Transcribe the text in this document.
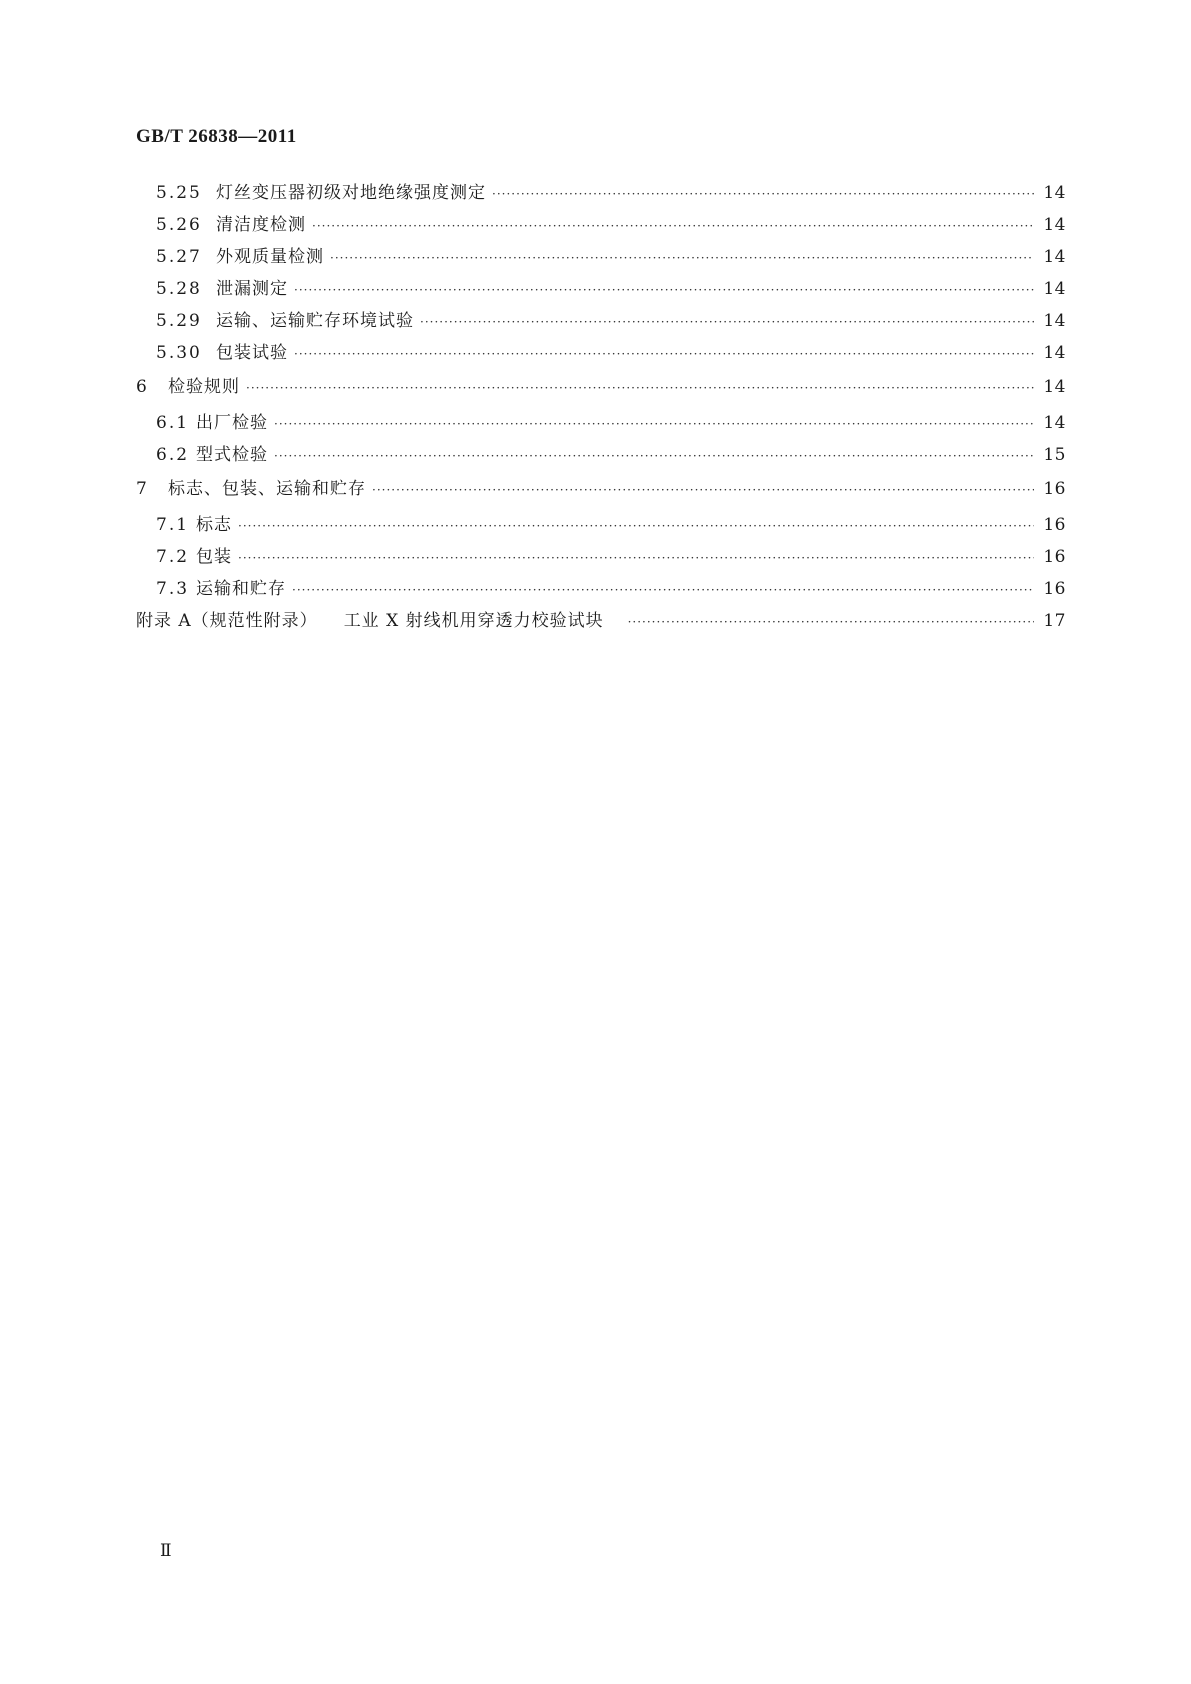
GB/T 26838—2011
5.25 灯丝变压器初级对地绝缘强度测定 ·····	14
5.26 清洁度检测 ·····	14
5.27 外观质量检测 ·····	14
5.28 泄漏测定 ·····	14
5.29 运输、运输贮存环境试验 ·····	14
5.30 包装试验 ·····	14
6	检验规则 ·····	14
6.1 出厂检验 ·····	14
6.2 型式检验 ·····	15
7	标志、包装、运输和贮存 ·····	16
7.1 标志 ·····	16
7.2 包装 ·····	16
7.3 运输和贮存 ·····	16
附录 A（规范性附录） 工业 X 射线机用穿透力校验试块 ·····	17
Ⅱ
